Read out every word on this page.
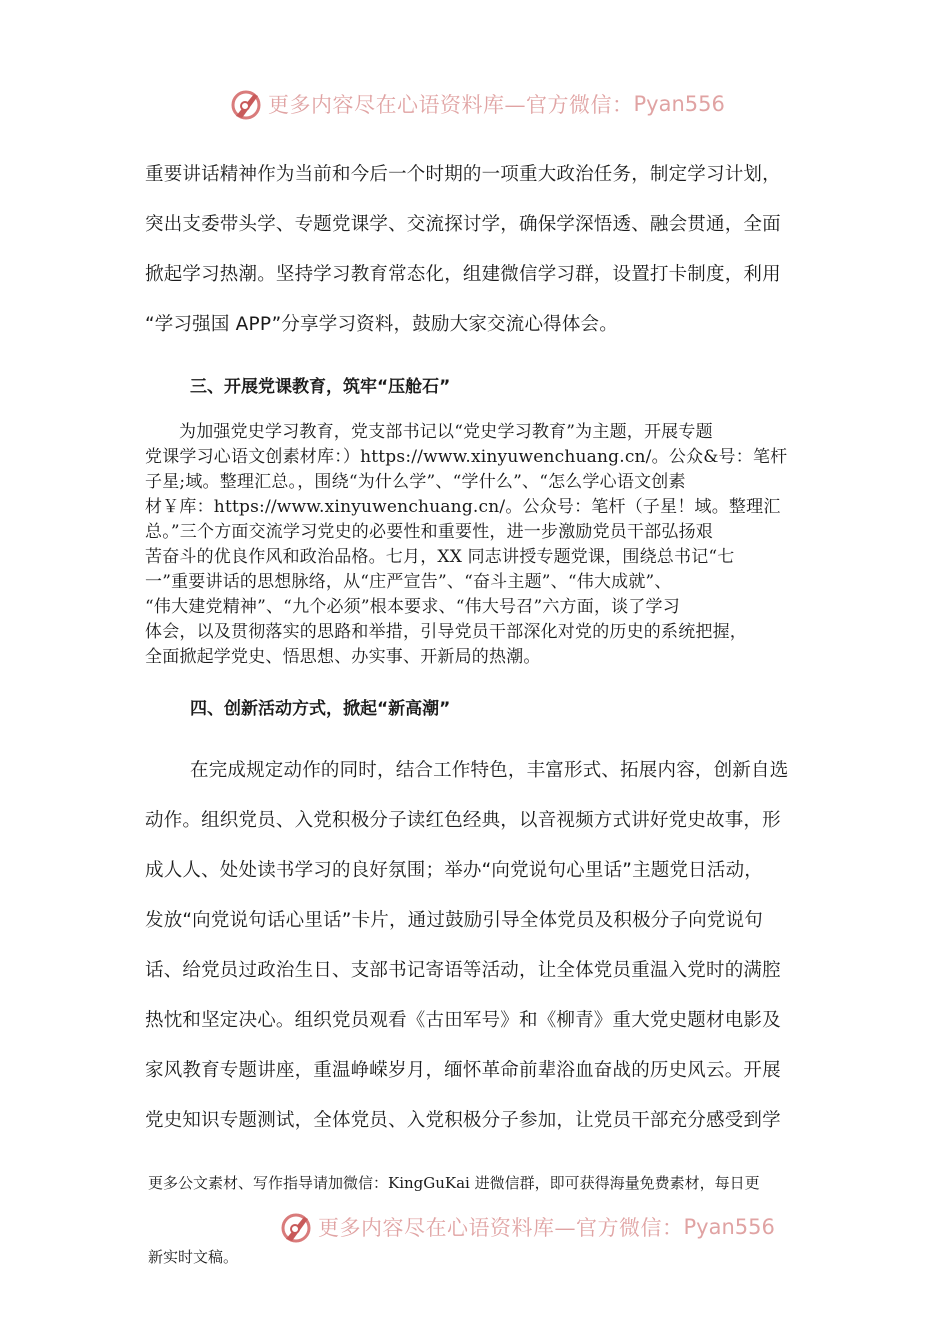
更多内容尽在心语资料库—官方微信： Pyan556
重要讲话精神作为当前和今后一个时期的一项重大政治任务，制定学习计划，
突出支委带头学、专题党课学、交流探讨学，确保学深悟透、融会贯通，全面
掀起学习热潮。坚持学习教育常态化，组建微信学习群，设置打卡制度，利用
“学习强国 APP”分享学习资料，鼓励大家交流心得体会。
三、开展党课教育，筑牢“压舱石”
为加强党史学习教育，党支部书记以“党史学习教育”为主题，开展专题
党课学习心语文创素材库：）https://www.xinyuwenchuang.cn/。公众&号：笔杆
子星;域。整理汇总。，围绕“为什么学”、“学什么”、“怎么学心语文创素
材￥库：https://www.xinyuwenchuang.cn/。公众号：笔杆（子星！域。整理汇
总。”三个方面交流学习党史的必要性和重要性，进一步激励党员干部弘扬艰
苦奋斗的优良作风和政治品格。七月，XX 同志讲授专题党课，围绕总书记“七
一”重要讲话的思想脉络，从“庄严宣告”、“奋斗主题”、“伟大成就”、
“伟大建党精神”、“九个必须”根本要求、“伟大号召”六方面，谈了学习
体会，以及贯彻落实的思路和举措，引导党员干部深化对党的历史的系统把握，
全面掀起学党史、悟思想、办实事、开新局的热潮。
四、创新活动方式，掀起“新高潮”
在完成规定动作的同时，结合工作特色，丰富形式、拓展内容，创新自选
动作。组织党员、入党积极分子读红色经典，以音视频方式讲好党史故事，形
成人人、处处读书学习的良好氛围；举办“向党说句心里话”主题党日活动，
发放“向党说句话心里话”卡片，通过鼓励引导全体党员及积极分子向党说句
话、给党员过政治生日、支部书记寄语等活动，让全体党员重温入党时的满腔
热忱和坚定决心。组织党员观看《古田军号》和《柳青》重大党史题材电影及
家风教育专题讲座，重温峥嵘岁月，缅怀革命前辈浴血奋战的历史风云。开展
党史知识专题测试，全体党员、入党积极分子参加，让党员干部充分感受到学
更多公文素材、写作指导请加微信：KingGuKai 进微信群，即可获得海量免费素材，每日更
更多内容尽在心语资料库—官方微信： Pyan556
新实时文稿。
